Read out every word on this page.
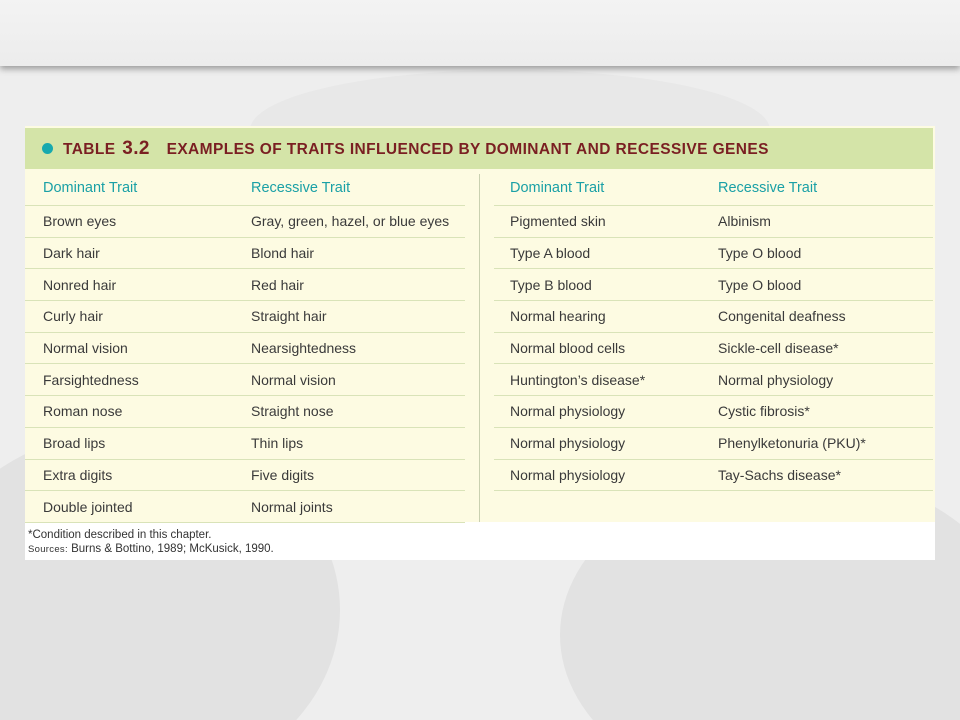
TABLE 3.2 EXAMPLES OF TRAITS INFLUENCED BY DOMINANT AND RECESSIVE GENES
Dominant Trait	Recessive Trait
Brown eyes	Gray, green, hazel, or blue eyes
Dark hair	Blond hair
Nonred hair	Red hair
Curly hair	Straight hair
Normal vision	Nearsightedness
Farsightedness	Normal vision
Roman nose	Straight nose
Broad lips	Thin lips
Extra digits	Five digits
Double jointed	Normal joints
Dominant Trait	Recessive Trait
Pigmented skin	Albinism
Type A blood	Type O blood
Type B blood	Type O blood
Normal hearing	Congenital deafness
Normal blood cells	Sickle-cell disease*
Huntington’s disease*	Normal physiology
Normal physiology	Cystic fibrosis*
Normal physiology	Phenylketonuria (PKU)*
Normal physiology	Tay-Sachs disease*
*Condition described in this chapter.
Sources: Burns & Bottino, 1989; McKusick, 1990.
